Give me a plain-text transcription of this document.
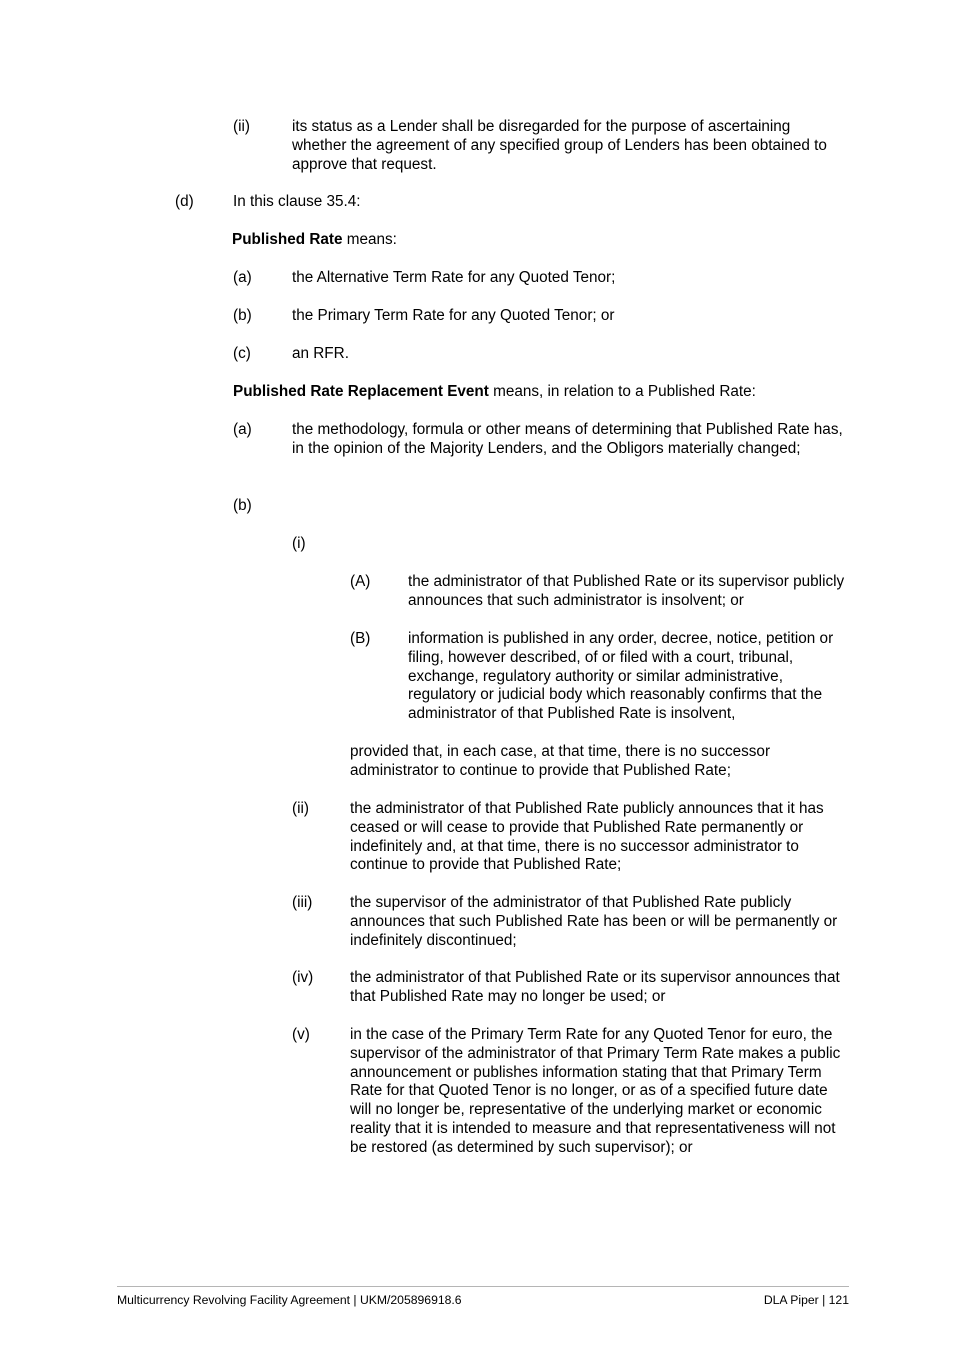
(ii)	its status as a Lender shall be disregarded for the purpose of ascertaining whether the agreement of any specified group of Lenders has been obtained to approve that request.
(d)	In this clause 35.4:
Published Rate means:
(a)	the Alternative Term Rate for any Quoted Tenor;
(b)	the Primary Term Rate for any Quoted Tenor; or
(c)	an RFR.
Published Rate Replacement Event means, in relation to a Published Rate:
(a)	the methodology, formula or other means of determining that Published Rate has, in the opinion of the Majority Lenders, and the Obligors materially changed;
(b)
(i)
(A) the administrator of that Published Rate or its supervisor publicly announces that such administrator is insolvent; or
(B) information is published in any order, decree, notice, petition or filing, however described, of or filed with a court, tribunal, exchange, regulatory authority or similar administrative, regulatory or judicial body which reasonably confirms that the administrator of that Published Rate is insolvent,
provided that, in each case, at that time, there is no successor administrator to continue to provide that Published Rate;
(ii)	the administrator of that Published Rate publicly announces that it has ceased or will cease to provide that Published Rate permanently or indefinitely and, at that time, there is no successor administrator to continue to provide that Published Rate;
(iii) the supervisor of the administrator of that Published Rate publicly announces that such Published Rate has been or will be permanently or indefinitely discontinued;
(iv) the administrator of that Published Rate or its supervisor announces that that Published Rate may no longer be used; or
(v)	in the case of the Primary Term Rate for any Quoted Tenor for euro, the supervisor of the administrator of that Primary Term Rate makes a public announcement or publishes information stating that that Primary Term Rate for that Quoted Tenor is no longer, or as of a specified future date will no longer be, representative of the underlying market or economic reality that it is intended to measure and that representativeness will not be restored (as determined by such supervisor); or
Multicurrency Revolving Facility Agreement | UKM/205896918.6	DLA Piper | 121
